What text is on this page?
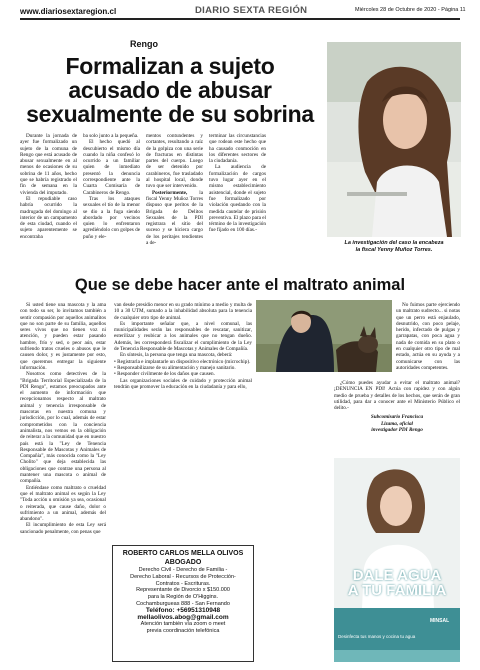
www.diariosextaregion.cl	DIARIO SEXTA REGIÓN	Miércoles 28 de Octubre de 2020 - Página 11
Rengo
Formalizan a sujeto acusado de abusar sexualmente de su sobrina
La investigación del caso la encabeza
la fiscal Yenny Muñoz Torres.

Durante la jornada de ayer fue formalizado un sujeto de la comuna de Rengo que está acusado de abusar sexualmente en al menos de ocasiones de su sobrina de 11 años, hecho que se habría registrado el fin de semana en la vivienda del imputado.

El repudiable caso habría ocurrido la madrugada del domingo al interior de un campamento de esta ciudad, cuando el sujeto aparentemente se encontraba

ba solo junto a la pequeña.

El hecho quedó al descubierto el mismo día cuando la niña confesó lo ocurrido a un familiar quien de inmediato presentó la denuncia correspondiente ante la Cuarta Comisaría de Carabineros de Rengo.

Tras los ataques sexuales el tío de la menor se dio a la fuga siendo abordado por vecinos quien lo enfrentaron agrediéndolo con golpes de puño y ele-

mentos contundentes y cortantes, resultando a raíz de la golpiza con una serie de fracturas en distintas partes del cuerpo. Luego de ser detenido por carabineros, fue trasladado al hospital local, donde tuvo que ser intervenido.

Posteriormente, la fiscal Yenny Muñoz Torres dispuso que peritos de la Brigada de Delitos Sexuales de la PDI registrara el sitio del suceso y se hiciera cargo de los peritajes tendientes a de-

terminar las circunstancias que rodean este hecho que ha causado conmoción en los diferentes sectores de la ciudadanía.

La audiencia de formalización de cargos tuvo lugar ayer en el mismo establecimiento asistencial, donde el sujeto fue formalizado por violación quedando con la medida cautelar de prisión preventiva. El plazo para el término de la investigación fue fijado en 100 días.-

Que se debe hacer ante el maltrato animal

Si usted tiene una mascota y la ama con todo su ser, lo invitamos también a sentir compasión por aquellos animalitos que no son parte de su familia, aquellos seres vivos que no tienen voz ni atención, y pueden estar pasando hambre, frío y sed, o peor aún, estar sufriendo tratos crueles o abusos que le causen dolor, y es justamente por esto, que queremos entregar la siguiente información.

Nosotros como detectives de la "Brigada Territorial Especializada de la PDI Rengo", estamos preocupados ante el aumento de información que recepcionamos respecto al maltrato animal y tenencia irresponsable de mascotas en nuestra comuna y jurisdicción, por lo cual, además de estar comprometidos con la conciencia animalista, nos vemos en la obligación de reiterar a la comunidad que en nuestro país está la "Ley de Tenencia Responsable de Mascotas y Animales de Compañía", más conocida como la "Ley Cholito" que deja establecida las obligaciones que contrae una persona al mantener una mascota o animal de compañía.

Entiéndase como maltrato o crueldad que el maltrato animal es según la Ley "Toda acción u omisión ya sea, ocasional o reiterada, que cause daño, dolor o sufrimiento a un animal, además del abandono".

El incumplimiento de esta Ley será sancionado penalmente, con penas que

van desde presidio menor en su grado mínimo a medio y multa de 10 a 30 UTM, sumado a la inhabilidad absoluta para la tenencia de cualquier otro tipo de animal.

Es importante señalar que, a nivel comunal, las municipalidades serán las responsables de rescatar, sanitizar, esterilizar y reubicar a los animales que no tengan dueño. Además, les corresponderá fiscalizar el cumplimiento de la Ley de Tenencia Responsable de Mascotas y Animales de Compañía.

En síntesis, la persona que tenga una mascota, deberá:

• Registrarla e implantarle un dispositivo electrónico (microchip).

• Responsabilizarse de su alimentación y manejo sanitario.

• Responder civilmente de los daños que causen.

Las organizaciones sociales de cuidado y protección animal tendrán que promover la educación en la ciudadanía y para ello,

No fuimos parte ejerciendo un maltrato sudrecto... si notas que un perro está enjaulado, desnutrido, con poco pelaje, herido, infectado de pulgas y garrapatas, con poca agua y nada de comida en su plato o en cualquier otro tipo de mal estado, actúa en su ayuda y a comunicarse con las autoridades competentes.

¿Cómo puedes ayudar a evitar el maltrato animal? ¡DENUNCIA EN PDI! Actúa con rapidez y con algún medio de prueba y detalles de los hechos, que serán de gran utilidad, para dar a conocer ante el Ministerio Público el delito.-

Subcomisario Francisca
Lizama, oficial
investigador PDI Rengo
ROBERTO CARLOS MELLA OLIVOS
ABOGADO
Derecho Civil - Derecho de Familia -
Derecho Laboral - Recursos de Protección-
Contratos - Escrituras.
Representante de Divorcio x $150.000
para la Región de O'Higgins.
Cochamburgueas 888 - San Fernando
Teléfono: +56951310948
mellaolivos.abog@gmail.com
Atención también vía zoom o meet
previa coordinación telefónica
DALE AGUA
A TU FAMILIA
Desinfecta tus manos y cocina tu agua
MINSAL
